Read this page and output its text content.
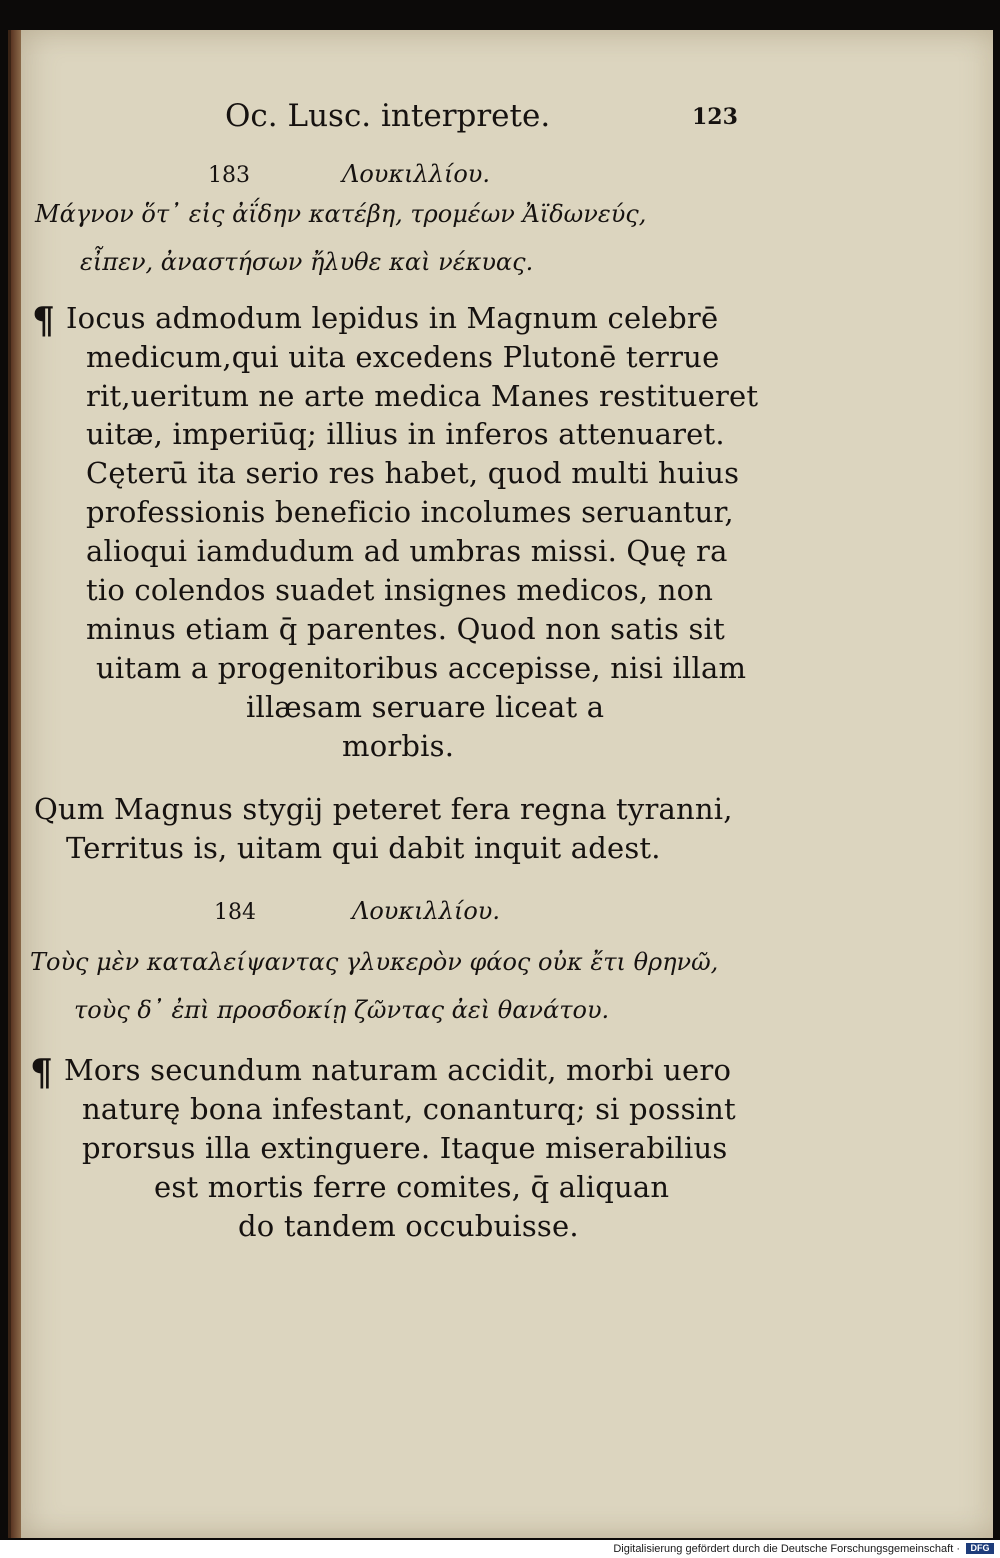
Oc. Lusc. interprete.	123
183	Λουκιλλίου.
Μάγνον ὅτ᾽ εἰς ἀΐδην κατέβη, τρομέων Ἀϊδωνεύς,
εἶπεν, ἀναστήσων ἤλυθε καὶ νέκυας.
¶ Iocus admodum lepidus in Magnum celebrē
medicum,qui uita excedens Plutonē terrue
rit,ueritum ne arte medica Manes restitueret
uitæ, imperiūq; illius in inferos attenuaret.
Cęterū ita serio res habet, quod multi huius
professionis beneficio incolumes seruantur,
alioqui iamdudum ad umbras missi. Quę ra
tio colendos suadet insignes medicos, non
minus etiam q̄ parentes. Quod non satis sit
uitam a progenitoribus accepisse, nisi illam
illæsam seruare liceat a
morbis.
Qum Magnus stygij peteret fera regna tyranni,
Territus is, uitam qui dabit inquit adest.
184	Λουκιλλίου.
Τοὺς μὲν καταλείψαντας γλυκερὸν φάος οὐκ ἔτι θρηνῶ,
τοὺς δ᾽ ἐπὶ προσδοκίῃ ζῶντας ἀεὶ θανάτου.
¶ Mors secundum naturam accidit, morbi uero
naturę bona infestant, conanturq; si possint
prorsus illa extinguere. Itaque miserabilius
est mortis ferre comites, q̄ aliquan
do tandem occubuisse.
Digitalisierung gefördert durch die Deutsche Forschungsgemeinschaft ·	DFG
